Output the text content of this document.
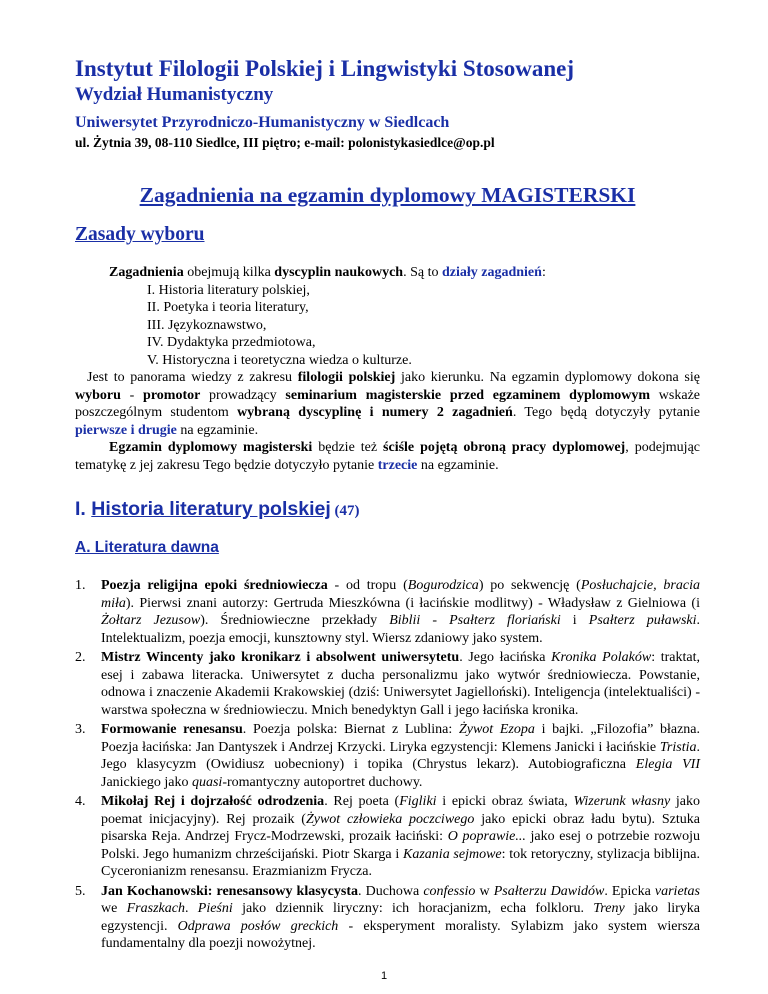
Instytut Filologii Polskiej i Lingwistyki Stosowanej

Wydział Humanistyczny

Uniwersytet Przyrodniczo-Humanistyczny w Siedlcach

ul. Żytnia 39, 08-110 Siedlce, III piętro; e-mail: polonistykasiedlce@op.pl

Zagadnienia na egzamin dyplomowy MAGISTERSKI

Zasady wyboru

Zagadnienia obejmują kilka dyscyplin naukowych. Są to działy zagadnień:
I. Historia literatury polskiej,
II. Poetyka i teoria literatury,
III. Językoznawstwo,
IV. Dydaktyka przedmiotowa,
V. Historyczna i teoretyczna wiedza o kulturze.
Jest to panorama wiedzy z zakresu filologii polskiej jako kierunku. Na egzamin dyplomowy dokona się wyboru - promotor prowadzący seminarium magisterskie przed egzaminem dyplomowym wskaże poszczególnym studentom wybraną dyscyplinę i numery 2 zagadnień. Tego będą dotyczyły pytanie pierwsze i drugie na egzaminie.
Egzamin dyplomowy magisterski będzie też ściśle pojętą obroną pracy dyplomowej, podejmując tematykę z jej zakresu Tego będzie dotyczyło pytanie trzecie na egzaminie.
I. Historia literatury polskiej (47)
A. Literatura dawna
1. Poezja religijna epoki średniowiecza - od tropu (Bogurodzica) po sekwencję (Posłuchajcie, bracia miła). Pierwsi znani autorzy: Gertruda Mieszkówna (i łacińskie modlitwy) - Władysław z Gielniowa (i Żołtarz Jezusow). Średniowieczne przekłady Biblii - Psałterz floriański i Psałterz puławski. Intelektualizm, poezja emocji, kunsztowny styl. Wiersz zdaniowy jako system.
2. Mistrz Wincenty jako kronikarz i absolwent uniwersytetu. Jego łacińska Kronika Polaków: traktat, esej i zabawa literacka. Uniwersytet z ducha personalizmu jako wytwór średniowiecza. Powstanie, odnowa i znaczenie Akademii Krakowskiej (dziś: Uniwersytet Jagielloński). Inteligencja (intelektualiści) - warstwa społeczna w średniowieczu. Mnich benedyktyn Gall i jego łacińska kronika.
3. Formowanie renesansu. Poezja polska: Biernat z Lublina: Żywot Ezopa i bajki. „Filozofia” błazna. Poezja łacińska: Jan Dantyszek i Andrzej Krzycki. Liryka egzystencji: Klemens Janicki i łacińskie Tristia. Jego klasycyzm (Owidiusz uobecniony) i topika (Chrystus lekarz). Autobiograficzna Elegia VII Janickiego jako quasi-romantyczny autoportret duchowy.
4. Mikołaj Rej i dojrzałość odrodzenia. Rej poeta (Figliki i epicki obraz świata, Wizerunk własny jako poemat inicjacyjny). Rej prozaik (Żywot człowieka poczciwego jako epicki obraz ładu bytu). Sztuka pisarska Reja. Andrzej Frycz-Modrzewski, prozaik łaciński: O poprawie... jako esej o potrzebie rozwoju Polski. Jego humanizm chrześcijański. Piotr Skarga i Kazania sejmowe: tok retoryczny, stylizacja biblijna. Cyceronianizm renesansu. Erazmianizm Frycza.
5. Jan Kochanowski: renesansowy klasycysta. Duchowa confessio w Psałterzu Dawidów. Epicka varietas we Fraszkach. Pieśni jako dziennik liryczny: ich horacjanizm, echa folkloru. Treny jako liryka egzystencji. Odprawa posłów greckich - eksperyment moralisty. Sylabizm jako system wiersza fundamentalny dla poezji nowożytnej.
1
